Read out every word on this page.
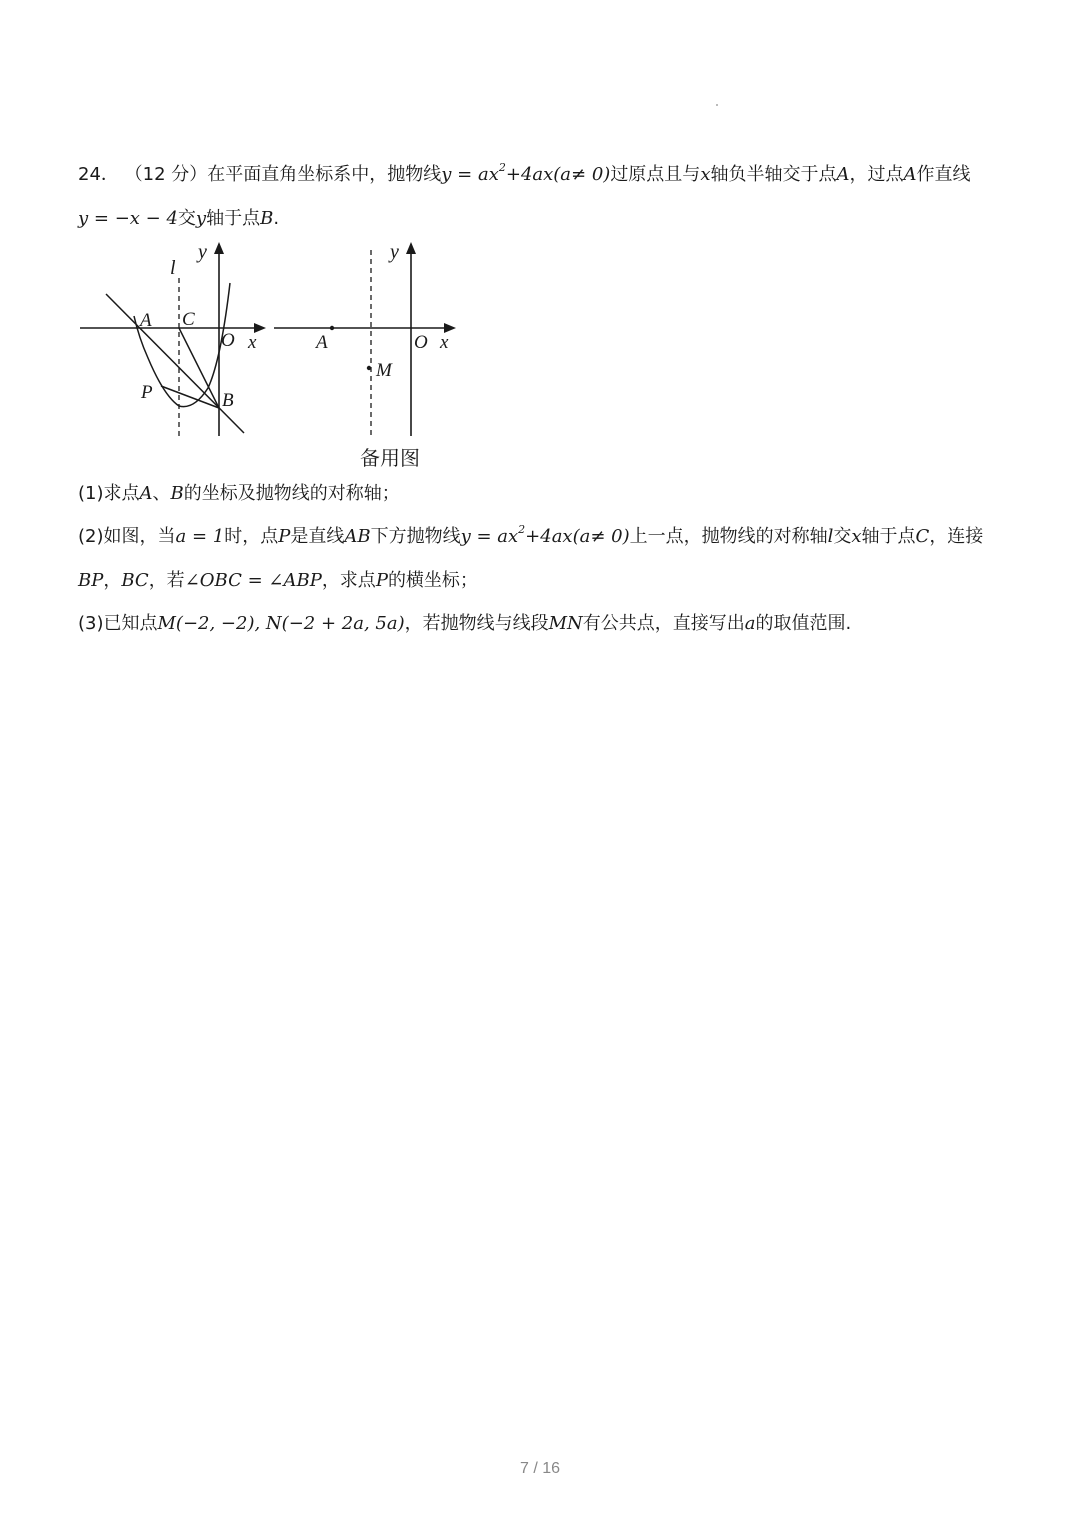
24． （12 分）在平面直角坐标系中，抛物线$y = ax^2+4ax(a\ne 0)$过原点且与x轴负半轴交于点A，过点A作直线
y = −x − 4交y轴于点B.
l
y
A C
O x
P	B
y
A	O x
M
备用图
(1)求点A、B的坐标及抛物线的对称轴；
(2)如图，当a = 1时，点P是直线AB下方抛物线$y = ax^2+4ax(a\ne 0)$上一点，抛物线的对称轴l交x轴于点C，连接
BP，BC，若∠OBC = ∠ABP，求点P的横坐标；
(3)已知点M(−2, −2), N(−2 + 2a, 5a)，若抛物线与线段MN有公共点，直接写出a的取值范围.
7 / 16
